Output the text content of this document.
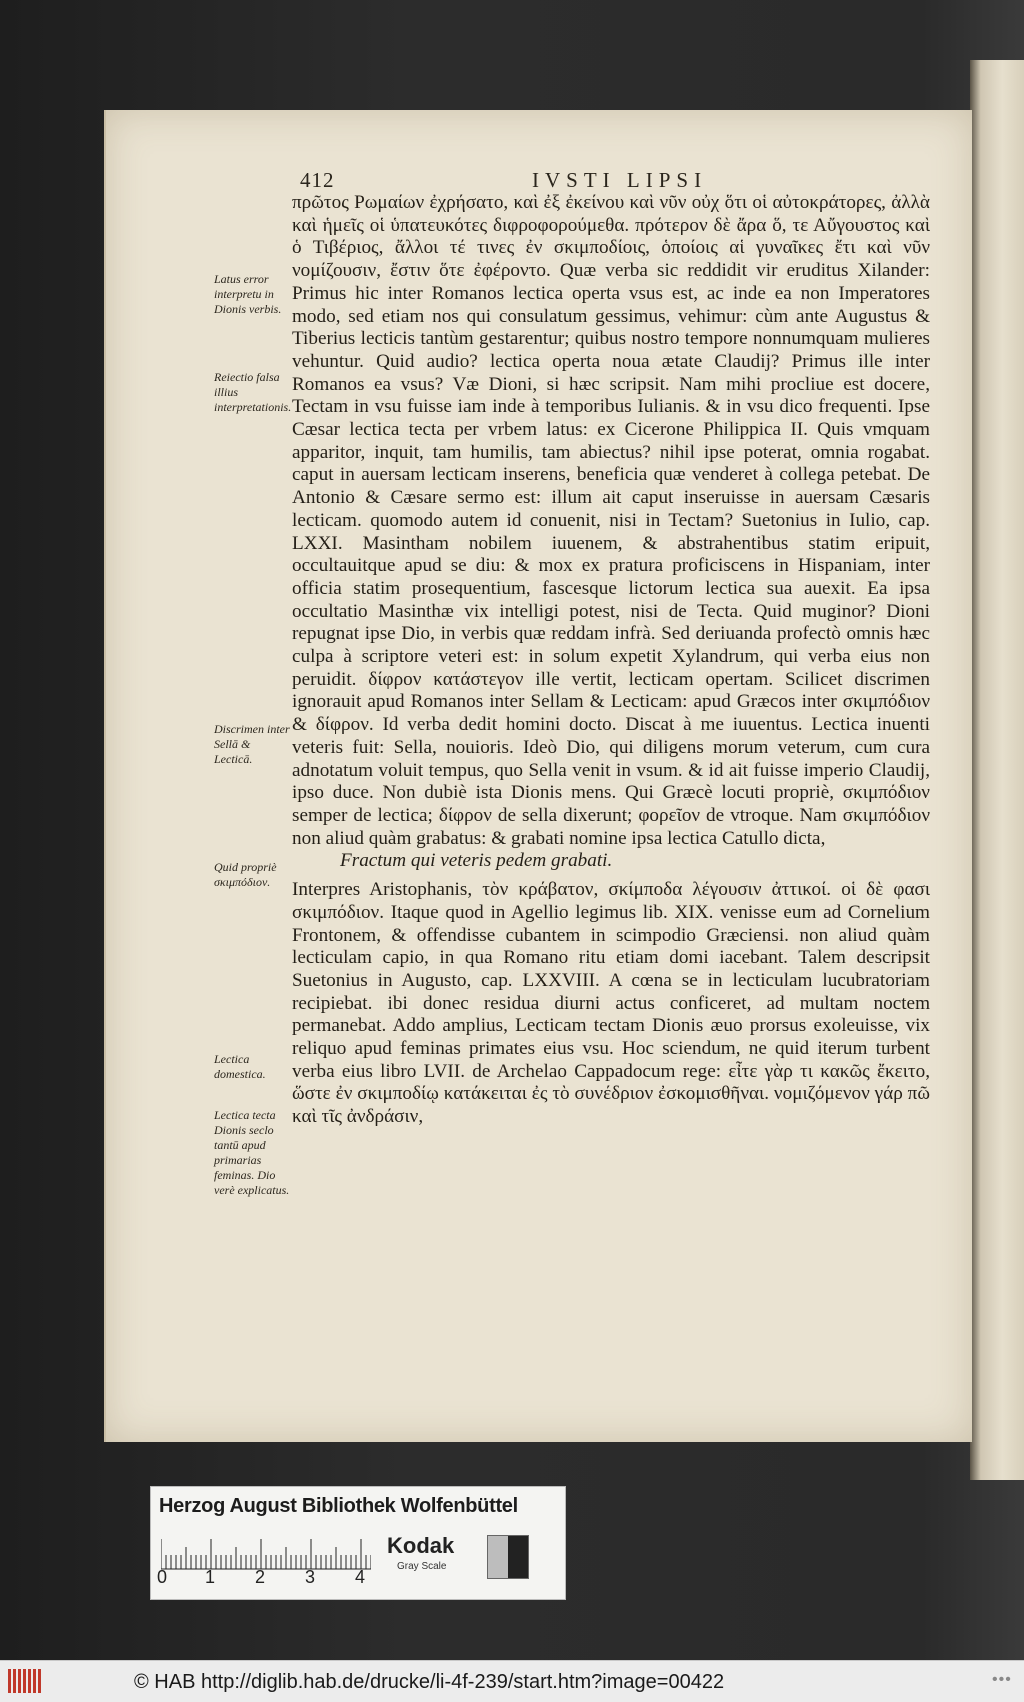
412	IVSTI LIPSI

πρῶτος Ρωμαίων ἐχρήσατο, καὶ ἐξ ἐκείνου καὶ νῦν οὐχ ὅτι οἱ αὐτοκράτορες, ἀλλὰ καὶ ἡμεῖς οἱ ὑπατευκότες διφροφορούμεθα. πρότερον δὲ ἄρα ὅ, τε Αὔγουστος καὶ ὁ Τιβέριος, ἄλλοι τέ τινες ἐν σκιμποδίοις, ὁποίοις αἱ γυναῖκες ἔτι καὶ νῦν νομίζουσιν, ἔστιν ὅτε ἐφέροντο. Quæ verba sic reddidit vir eruditus Xilander: Primus hic inter Romanos lectica operta vsus est, ac inde ea non Imperatores modo, sed etiam nos qui consulatum gessimus, vehimur: cùm ante Augustus & Tiberius lecticis tantùm gestarentur; quibus nostro tempore nonnumquam mulieres vehuntur. Quid audio? lectica operta noua ætate Claudij? Primus ille inter Romanos ea vsus? Væ Dioni, si hæc scripsit. Nam mihi procliue est docere, Tectam in vsu fuisse iam inde à temporibus Iulianis. & in vsu dico frequenti. Ipse Cæsar lectica tecta per vrbem latus: ex Cicerone Philippica II. Quis vmquam apparitor, inquit, tam humilis, tam abiectus? nihil ipse poterat, omnia rogabat. caput in auersam lecticam inserens, beneficia quæ venderet à collega petebat. De Antonio & Cæsare sermo est: illum ait caput inseruisse in auersam Cæsaris lecticam. quomodo autem id conuenit, nisi in Tectam? Suetonius in Iulio, cap. LXXI. Masintham nobilem iuuenem, & abstrahentibus statim eripuit, occultauitque apud se diu: & mox ex pratura proficiscens in Hispaniam, inter officia statim prosequentium, fascesque lictorum lectica sua auexit. Ea ipsa occultatio Masinthæ vix intelligi potest, nisi de Tecta. Quid muginor? Dioni repugnat ipse Dio, in verbis quæ reddam infrà. Sed deriuanda profectò omnis hæc culpa à scriptore veteri est: in solum expetit Xylandrum, qui verba eius non peruidit. δίφρον κατάστεγον ille vertit, lecticam opertam. Scilicet discrimen ignorauit apud Romanos inter Sellam & Lecticam: apud Græcos inter σκιμπόδιον & δίφρον. Id verba dedit homini docto. Discat à me iuuentus. Lectica inuenti veteris fuit: Sella, nouioris. Ideò Dio, qui diligens morum veterum, cum cura adnotatum voluit tempus, quo Sella venit in vsum. & id ait fuisse imperio Claudij, ipso duce. Non dubiè ista Dionis mens. Qui Græcè locuti propriè, σκιμπόδιον semper de lectica; δίφρον de sella dixerunt; φορεῖον de vtroque. Nam σκιμπόδιον non aliud quàm grabatus: & grabati nomine ipsa lectica Catullo dicta,

Fractum qui veteris pedem grabati.

Interpres Aristophanis, τὸν κράβατον, σκίμποδα λέγουσιν ἀττικοί. οἱ δὲ φασι σκιμπόδιον. Itaque quod in Agellio legimus lib. XIX. venisse eum ad Cornelium Frontonem, & offendisse cubantem in scimpodio Græciensi. non aliud quàm lecticulam capio, in qua Romano ritu etiam domi iacebant. Talem descripsit Suetonius in Augusto, cap. LXXVIII. A cœna se in lecticulam lucubratoriam recipiebat. ibi donec residua diurni actus conficeret, ad multam noctem permanebat. Addo amplius, Lecticam tectam Dionis æuo prorsus exoleuisse, vix reliquo apud feminas primates eius vsu. Hoc sciendum, ne quid iterum turbent verba eius libro LVII. de Archelao Cappadocum rege: εἶτε γὰρ τι κακῶς ἔκειτο, ὥστε ἐν σκιμποδίῳ κατάκειται ἐς τὸ συνέδριον ἐσκομισθῆναι. νομιζόμενον γάρ πῶ καὶ τῖς ἀνδράσιν,

Latus error interpretu in Dionis verbis.
Reiectio falsa illius interpretationis.
Discrimen inter Sellā & Lecticā.
Quid propriè σκιμπόδιον.
Lectica domestica.
Lectica tecta Dionis seclo tantū apud primarias feminas. Dio verè explicatus.
Herzog August Bibliothek Wolfenbüttel
0 1 2 3 4
Kodak
Gray Scale
© HAB http://diglib.hab.de/drucke/li-4f-239/start.htm?image=00422	•••
